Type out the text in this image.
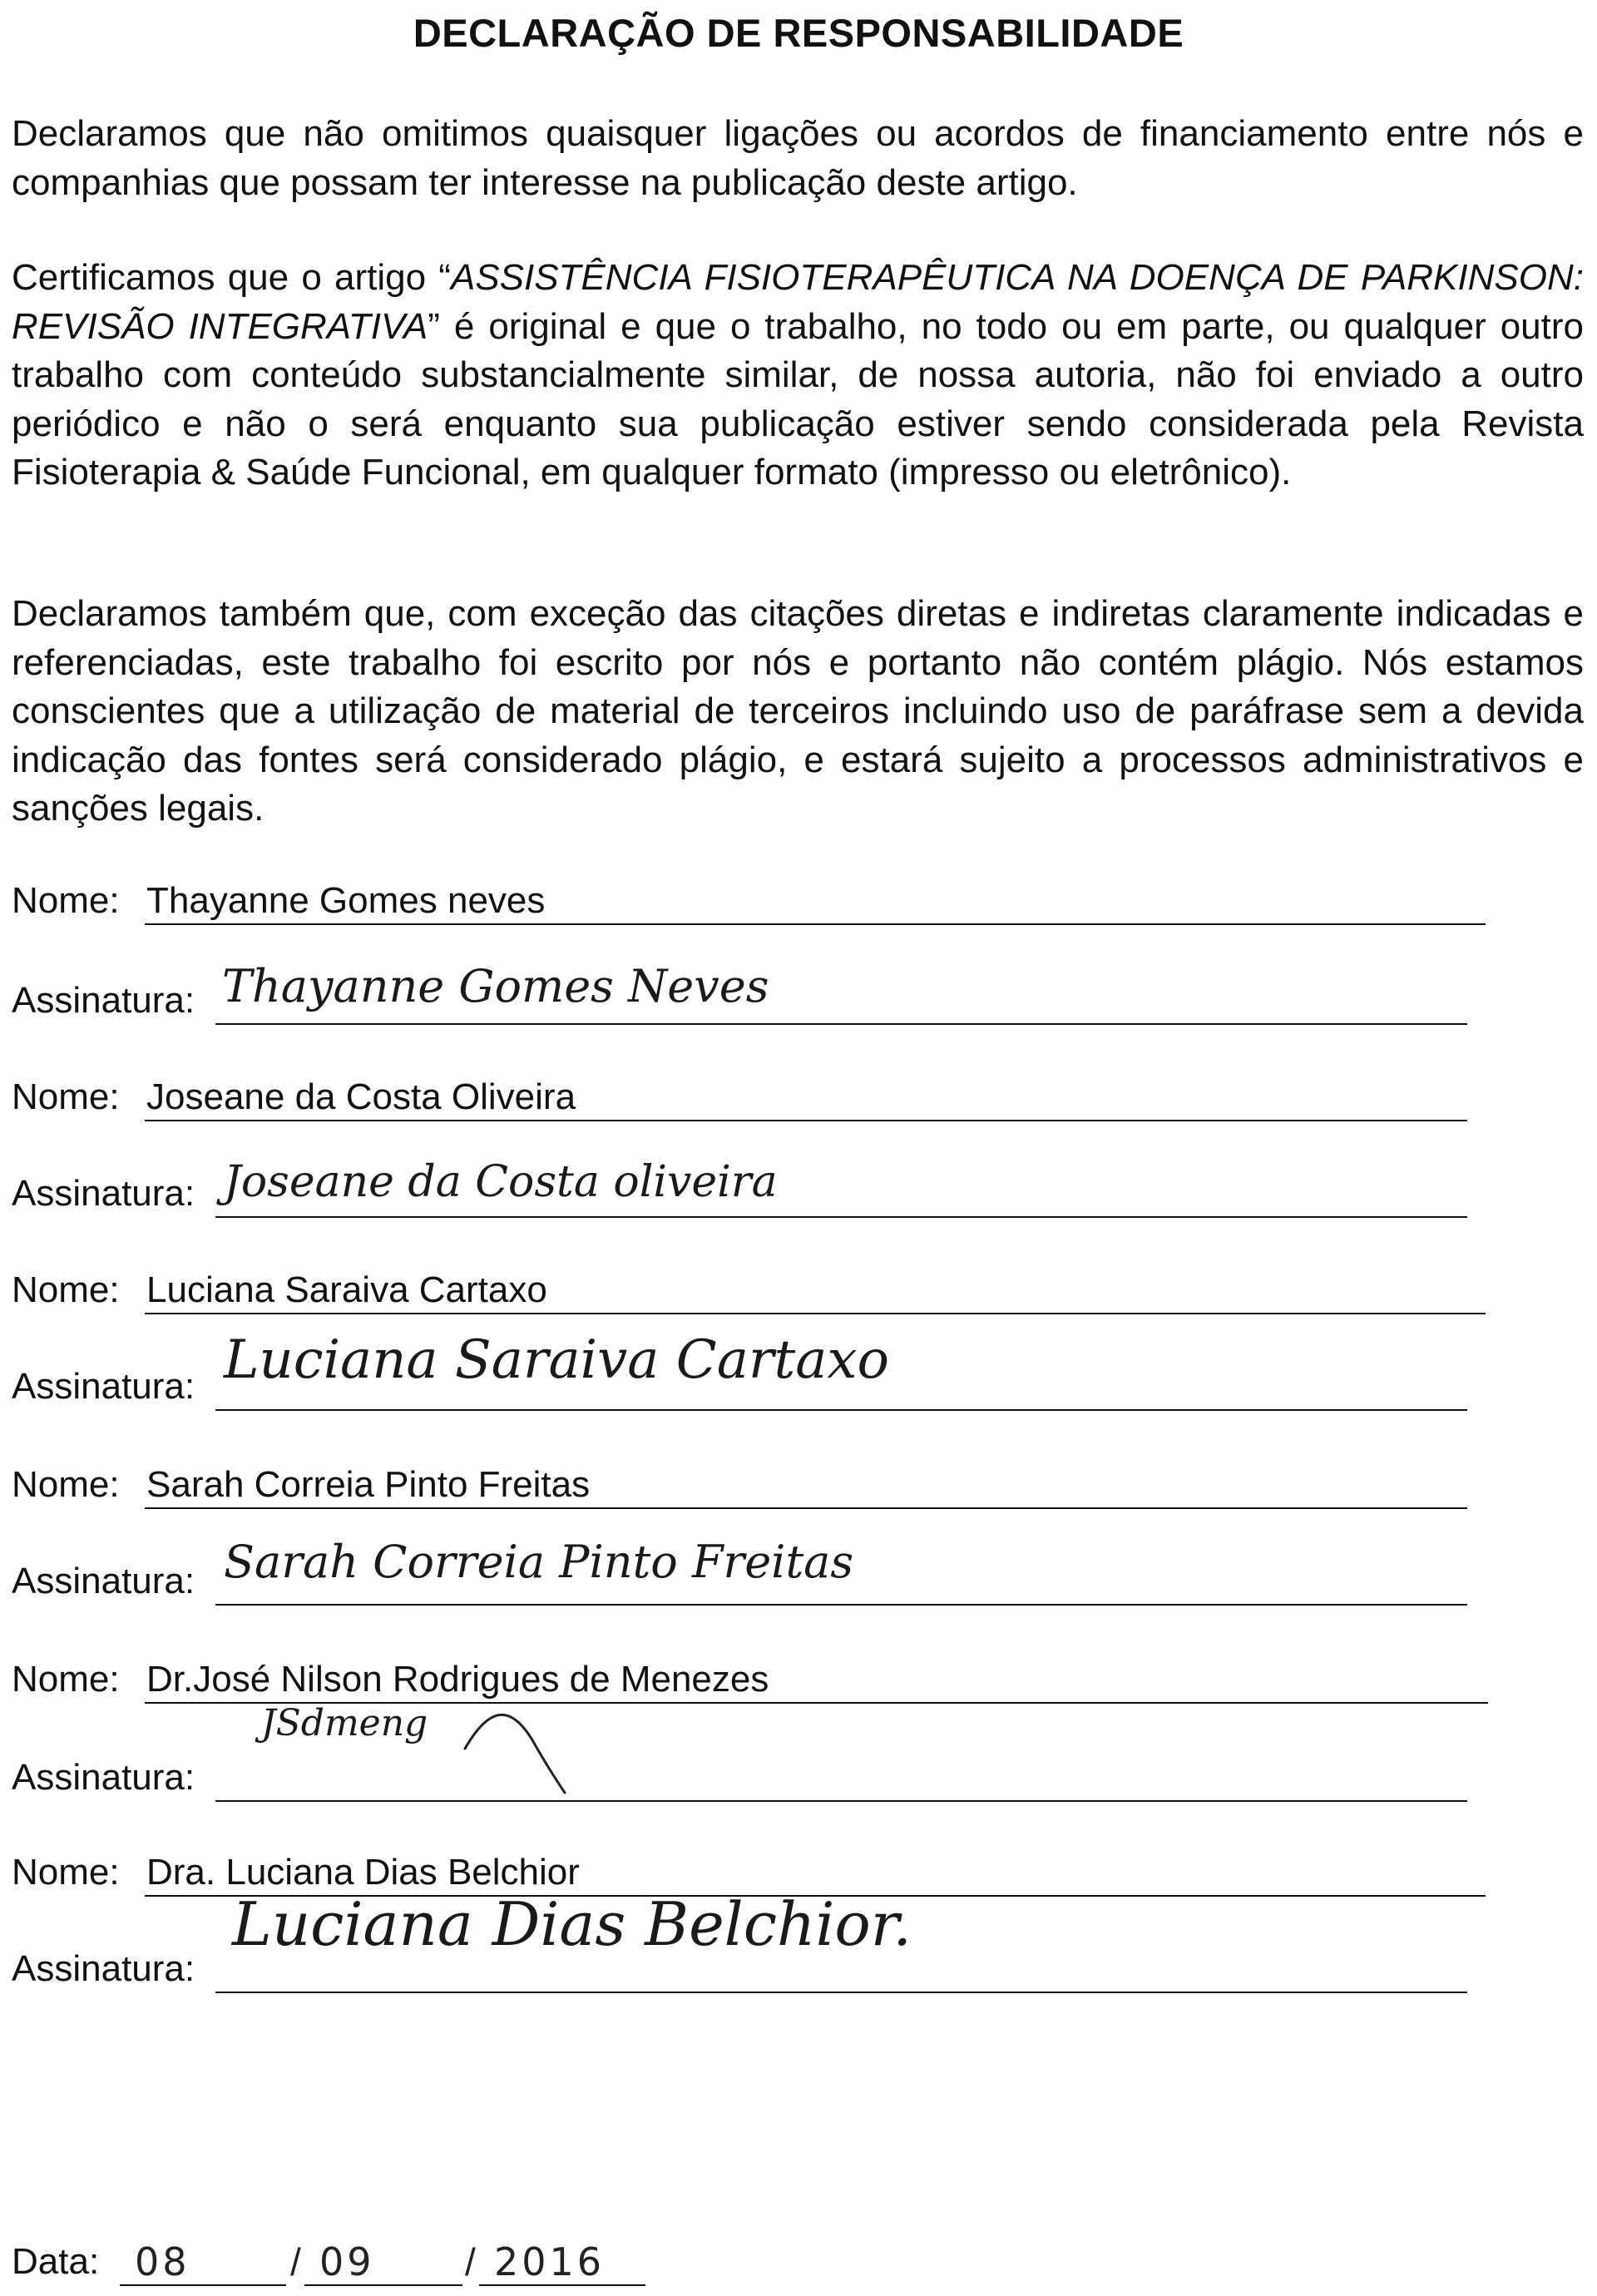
DECLARAÇÃO DE RESPONSABILIDADE

Declaramos que não omitimos quaisquer ligações ou acordos de financiamento entre nós e companhias que possam ter interesse na publicação deste artigo.

Certificamos que o artigo “ASSISTÊNCIA FISIOTERAPÊUTICA NA DOENÇA DE PARKINSON: REVISÃO INTEGRATIVA” é original e que o trabalho, no todo ou em parte, ou qualquer outro trabalho com conteúdo substancialmente similar, de nossa autoria, não foi enviado a outro periódico e não o será enquanto sua publicação estiver sendo considerada pela Revista Fisioterapia & Saúde Funcional, em qualquer formato (impresso ou eletrônico).

Declaramos também que, com exceção das citações diretas e indiretas claramente indicadas e referenciadas, este trabalho foi escrito por nós e portanto não contém plágio. Nós estamos conscientes que a utilização de material de terceiros incluindo uso de paráfrase sem a devida indicação das fontes será considerado plágio, e estará sujeito a processos administrativos e sanções legais.

Nome: Thayanne Gomes neves
Assinatura: Thayanne Gomes Neves
Nome: Joseane da Costa Oliveira
Assinatura: Joseane da Costa oliveira
Nome: Luciana Saraiva Cartaxo
Assinatura: Luciana Saraiva Cartaxo
Nome: Sarah Correia Pinto Freitas
Assinatura: Sarah Correia Pinto Freitas
Nome: Dr.José Nilson Rodrigues de Menezes
Assinatura:
JSdmeng
Nome: Dra. Luciana Dias Belchior
Assinatura:
Luciana Dias Belchior.
Data: 08	/ 09 / 2016
